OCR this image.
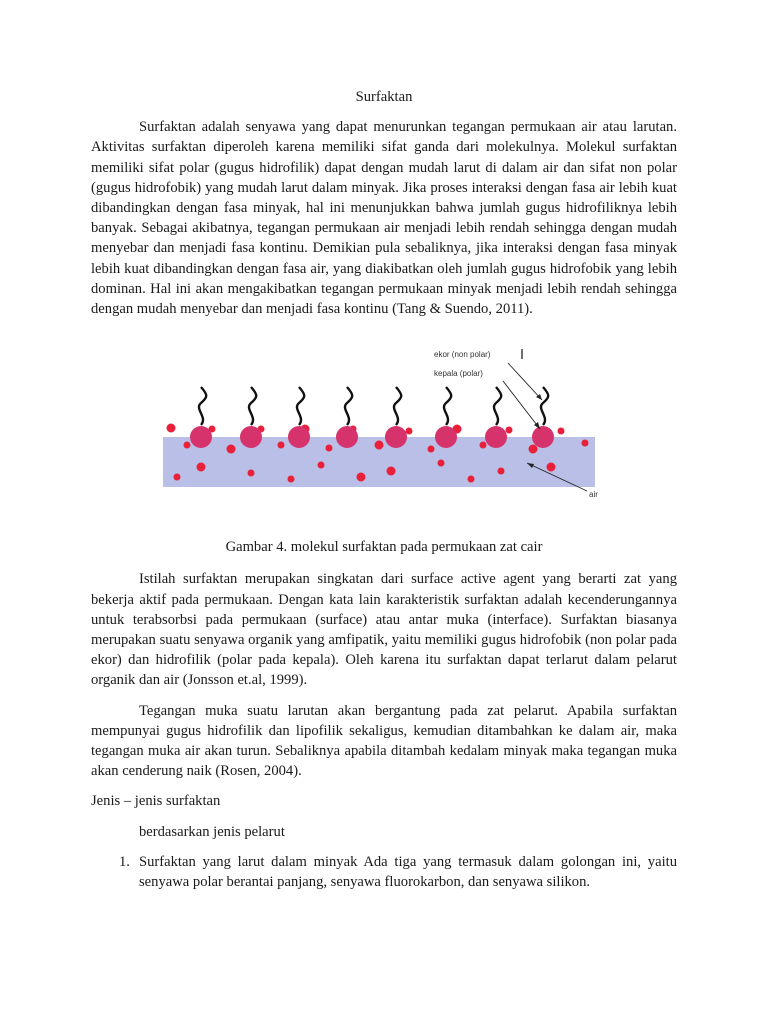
Surfaktan

Surfaktan adalah senyawa yang dapat menurunkan tegangan permukaan air atau larutan. Aktivitas surfaktan diperoleh karena memiliki sifat ganda dari molekulnya. Molekul surfaktan memiliki sifat polar (gugus hidrofilik) dapat dengan mudah larut di dalam air dan sifat non polar (gugus hidrofobik) yang mudah larut dalam minyak. Jika proses interaksi dengan fasa air lebih kuat dibandingkan dengan fasa minyak, hal ini menunjukkan bahwa jumlah gugus hidrofiliknya lebih banyak. Sebagai akibatnya, tegangan permukaan air menjadi lebih rendah sehingga dengan mudah menyebar dan menjadi fasa kontinu. Demikian pula sebaliknya, jika interaksi dengan fasa minyak lebih kuat dibandingkan dengan fasa air, yang diakibatkan oleh jumlah gugus hidrofobik yang lebih dominan. Hal ini akan mengakibatkan tegangan permukaan minyak menjadi lebih rendah sehingga dengan mudah menyebar dan menjadi fasa kontinu (Tang & Suendo, 2011).

ekor (non polar)
kepala (polar)
air

Gambar 4. molekul surfaktan pada permukaan zat cair

Istilah surfaktan merupakan singkatan dari surface active agent yang berarti zat yang bekerja aktif pada permukaan. Dengan kata lain karakteristik surfaktan adalah kecenderungannya untuk terabsorbsi pada permukaan (surface) atau antar muka (interface). Surfaktan biasanya merupakan suatu senyawa organik yang amfipatik, yaitu memiliki gugus hidrofobik (non polar pada ekor) dan hidrofilik (polar pada kepala). Oleh karena itu surfaktan dapat terlarut dalam pelarut organik dan air (Jonsson et.al, 1999).

Tegangan muka suatu larutan akan bergantung pada zat pelarut. Apabila surfaktan mempunyai gugus hidrofilik dan lipofilik sekaligus, kemudian ditambahkan ke dalam air, maka tegangan muka air akan turun. Sebaliknya apabila ditambah kedalam minyak maka tegangan muka akan cenderung naik (Rosen, 2004).

Jenis – jenis surfaktan

berdasarkan jenis pelarut

1. Surfaktan yang larut dalam minyak Ada tiga yang termasuk dalam golongan ini, yaitu senyawa polar berantai panjang, senyawa fluorokarbon, dan senyawa silikon.
